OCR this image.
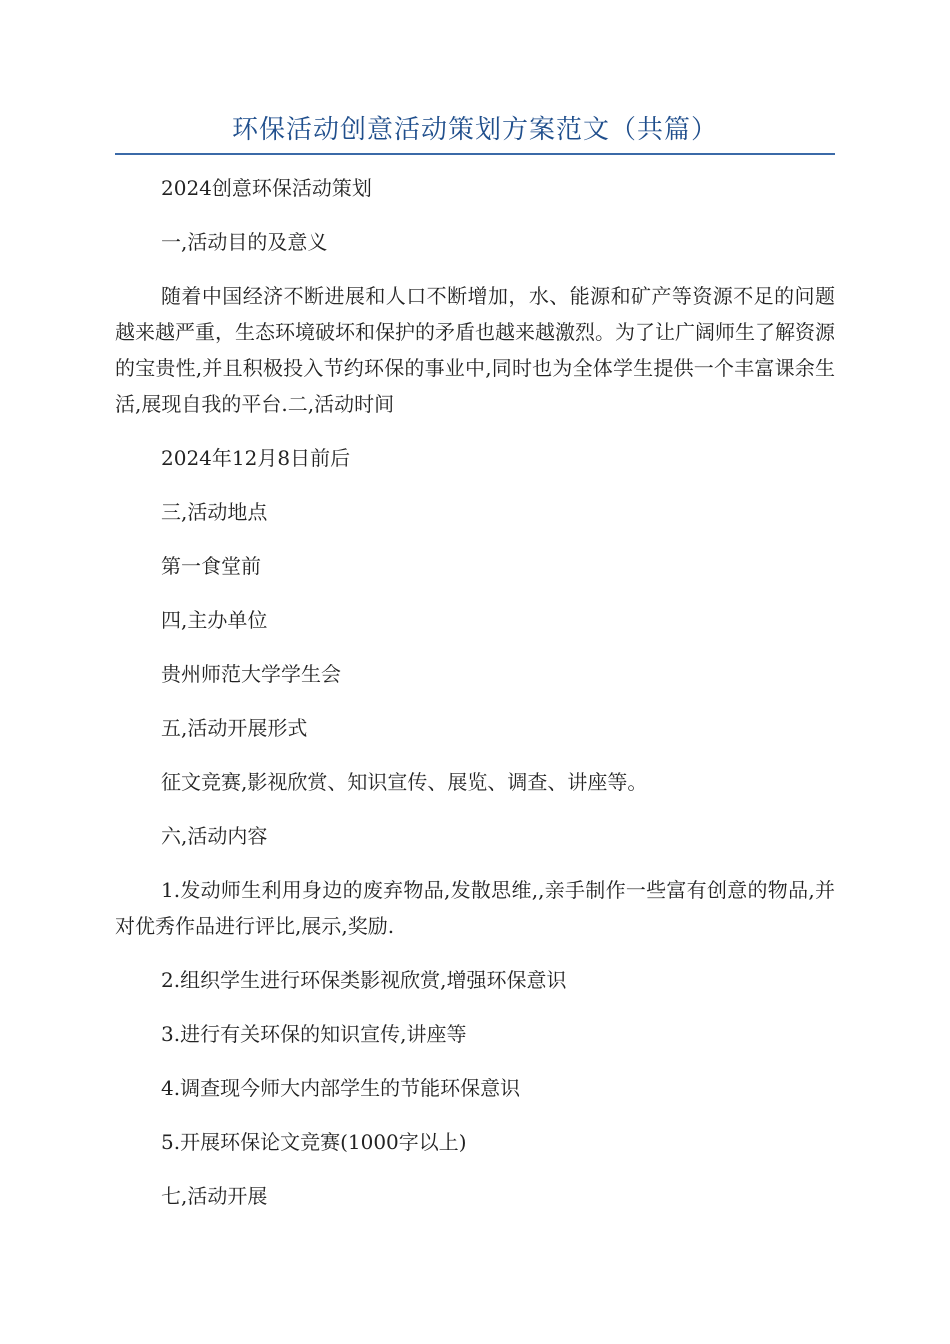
环保活动创意活动策划方案范文（共篇）

2024创意环保活动策划

一,活动目的及意义

随着中国经济不断进展和人口不断增加，水、能源和矿产等资源不足的问题越来越严重，生态环境破坏和保护的矛盾也越来越激烈。为了让广阔师生了解资源的宝贵性,并且积极投入节约环保的事业中,同时也为全体学生提供一个丰富课余生活,展现自我的平台.二,活动时间

2024年12月8日前后

三,活动地点

第一食堂前

四,主办单位

贵州师范大学学生会

五,活动开展形式

征文竞赛,影视欣赏、知识宣传、展览、调查、讲座等。

六,活动内容

1.发动师生利用身边的废弃物品,发散思维,,亲手制作一些富有创意的物品,并对优秀作品进行评比,展示,奖励.

2.组织学生进行环保类影视欣赏,增强环保意识

3.进行有关环保的知识宣传,讲座等

4.调查现今师大内部学生的节能环保意识

5.开展环保论文竞赛(1000字以上)

七,活动开展
